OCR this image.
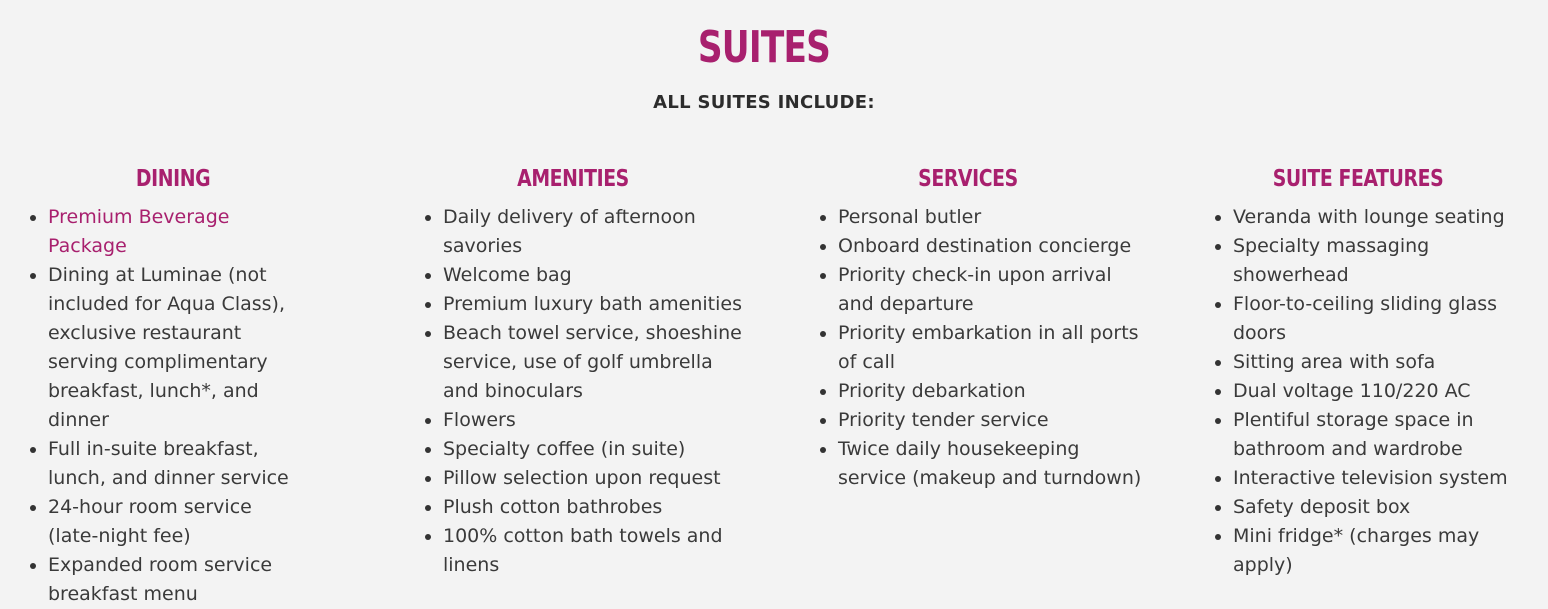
SUITES
ALL SUITES INCLUDE:
DINING
Premium Beverage Package
Dining at Luminae (not included for Aqua Class), exclusive restaurant serving complimentary breakfast, lunch*, and dinner
Full in-suite breakfast, lunch, and dinner service
24-hour room service (late-night fee)
Expanded room service breakfast menu
AMENITIES
Daily delivery of afternoon savories
Welcome bag
Premium luxury bath amenities
Beach towel service, shoeshine service, use of golf umbrella and binoculars
Flowers
Specialty coffee (in suite)
Pillow selection upon request
Plush cotton bathrobes
100% cotton bath towels and linens
SERVICES
Personal butler
Onboard destination concierge
Priority check-in upon arrival and departure
Priority embarkation in all ports of call
Priority debarkation
Priority tender service
Twice daily housekeeping service (makeup and turndown)
SUITE FEATURES
Veranda with lounge seating
Specialty massaging showerhead
Floor-to-ceiling sliding glass doors
Sitting area with sofa
Dual voltage 110/220 AC
Plentiful storage space in bathroom and wardrobe
Interactive television system
Safety deposit box
Mini fridge* (charges may apply)
